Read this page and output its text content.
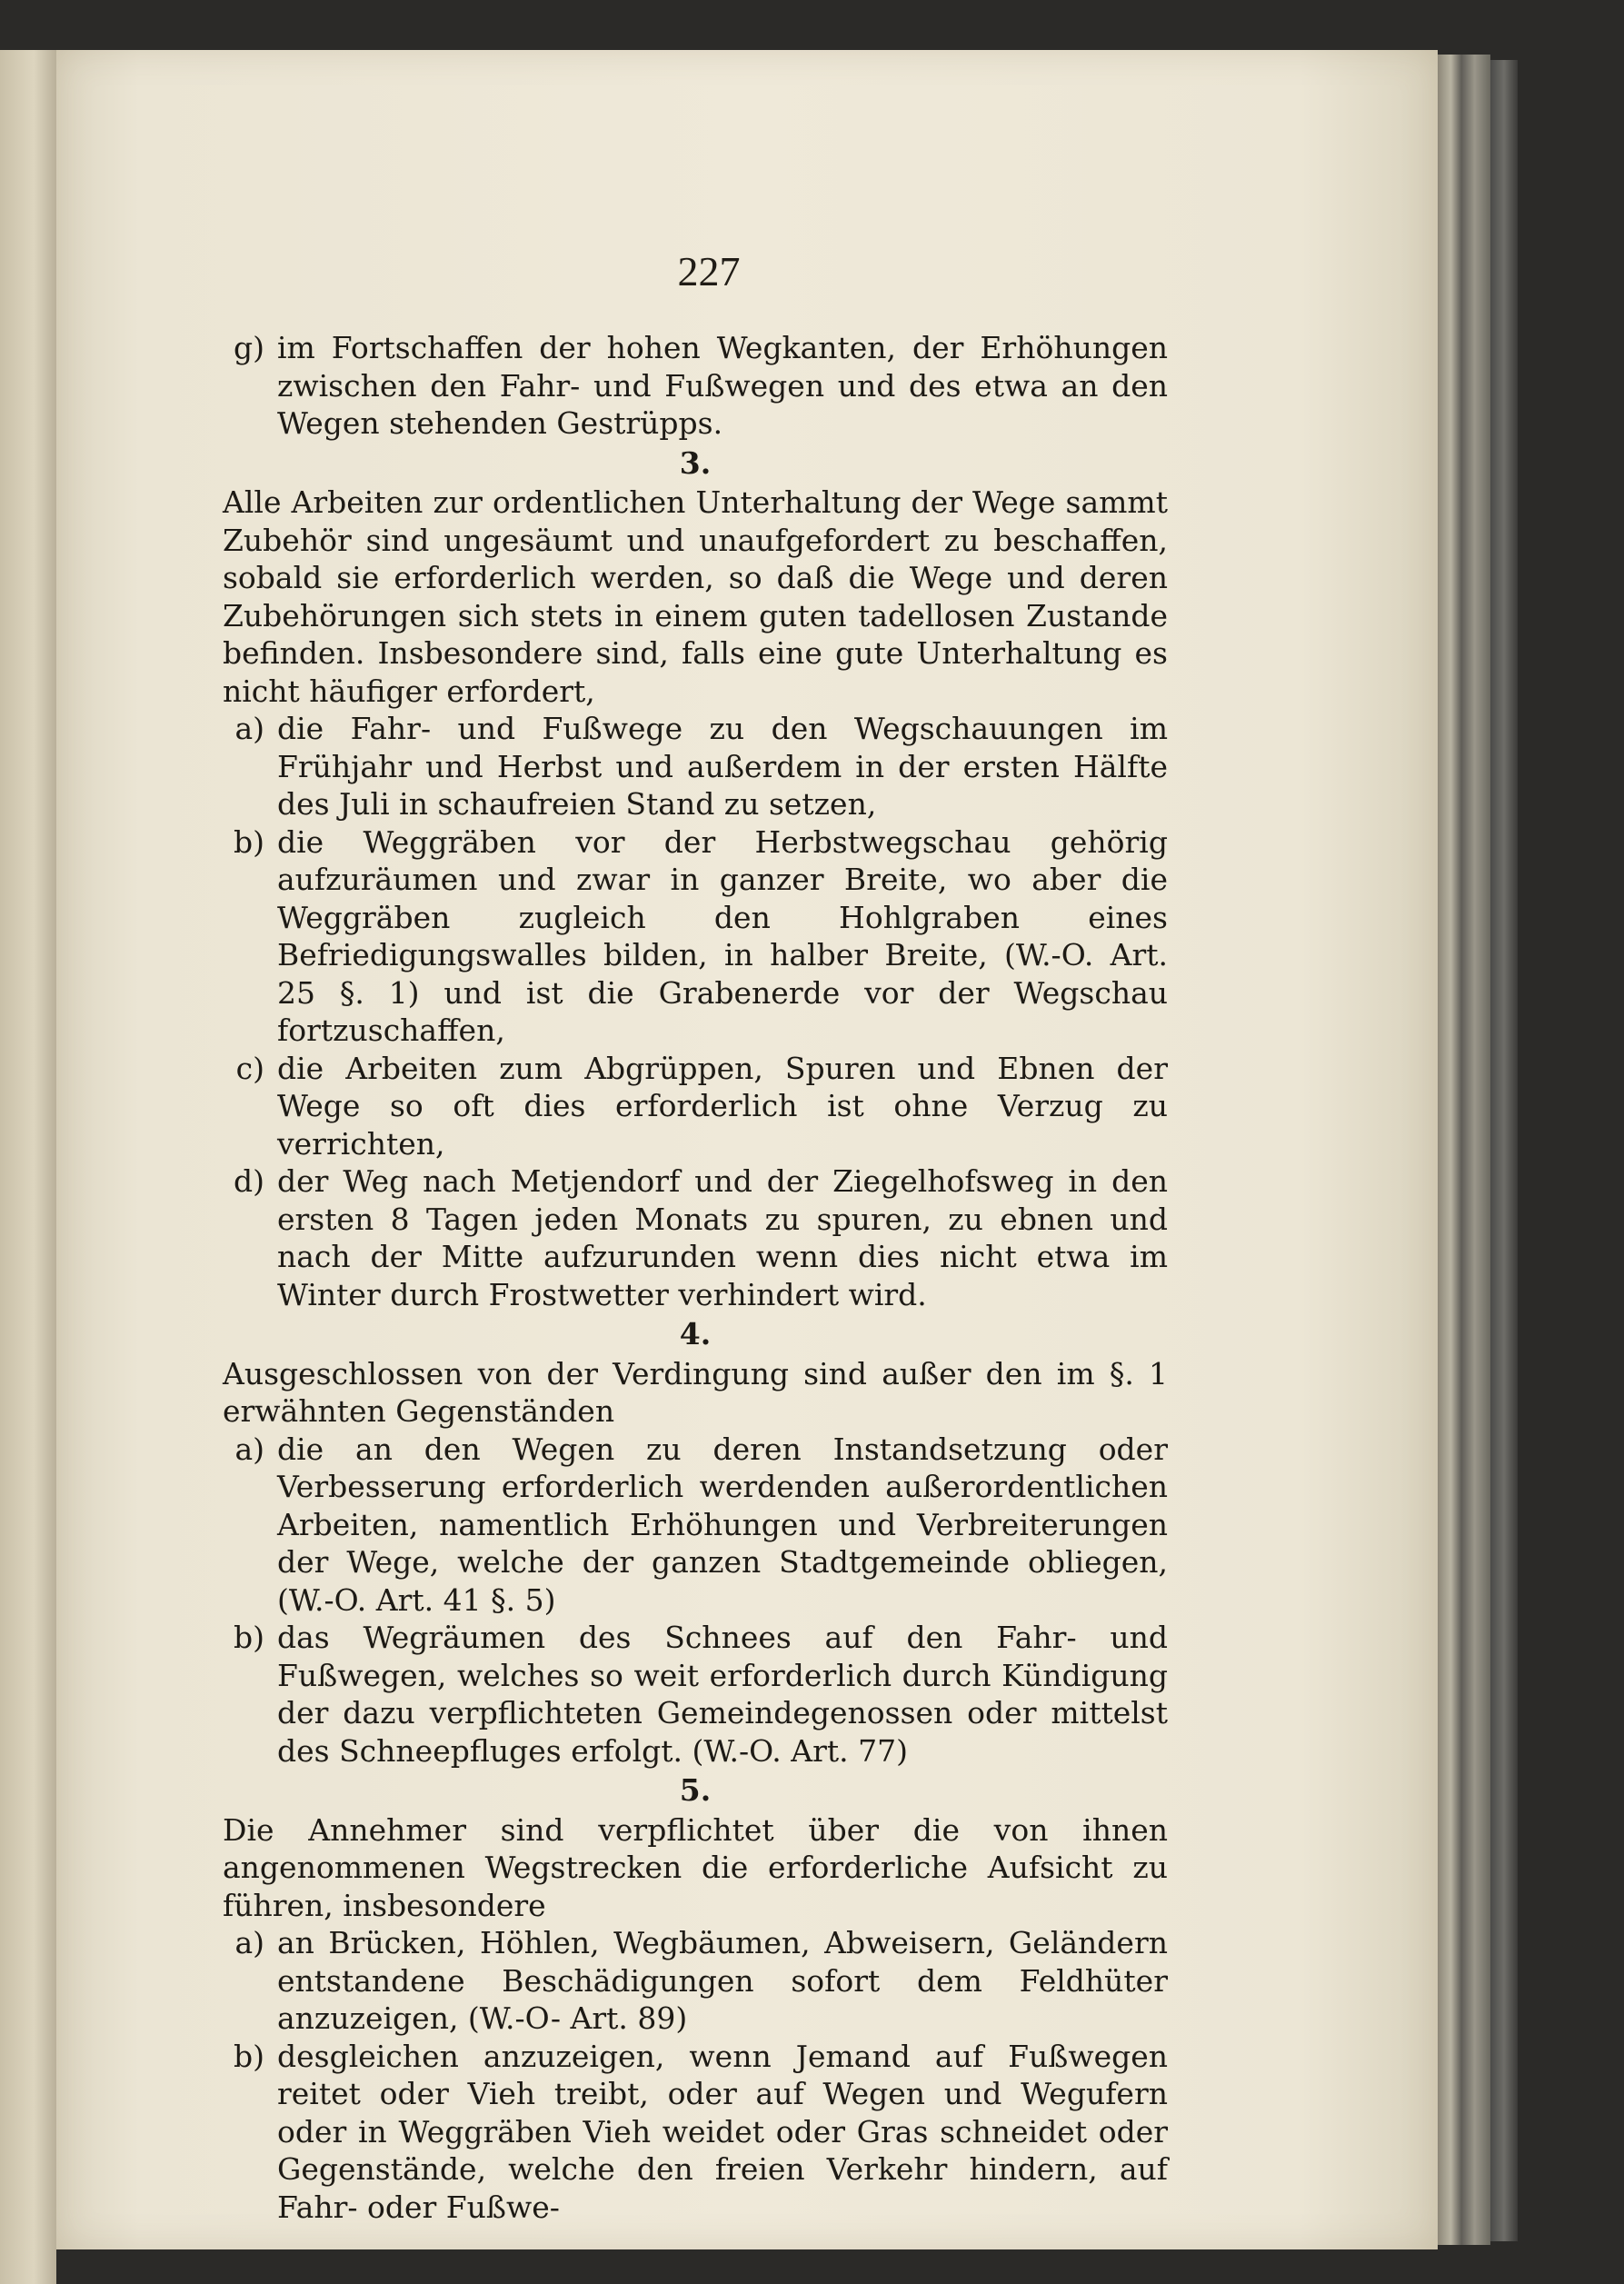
227
g) im Fortschaffen der hohen Wegkanten, der Erhöhungen zwischen den Fahr- und Fußwegen und des etwa an den Wegen stehenden Gestrüpps.
3.

Alle Arbeiten zur ordentlichen Unterhaltung der Wege sammt Zubehör sind ungesäumt und unaufgefordert zu beschaffen, sobald sie erforderlich werden, so daß die Wege und deren Zubehörungen sich stets in einem guten tadellosen Zustande befinden. Insbesondere sind, falls eine gute Unterhaltung es nicht häufiger erfordert,

a) die Fahr- und Fußwege zu den Wegschauungen im Frühjahr und Herbst und außerdem in der ersten Hälfte des Juli in schaufreien Stand zu setzen,
b) die Weggräben vor der Herbstwegschau gehörig aufzuräumen und zwar in ganzer Breite, wo aber die Weggräben zugleich den Hohlgraben eines Befriedigungswalles bilden, in halber Breite, (W.-O. Art. 25 §. 1) und ist die Grabenerde vor der Wegschau fortzuschaffen,
c) die Arbeiten zum Abgrüppen, Spuren und Ebnen der Wege so oft dies erforderlich ist ohne Verzug zu verrichten,
d) der Weg nach Metjendorf und der Ziegelhofsweg in den ersten 8 Tagen jeden Monats zu spuren, zu ebnen und nach der Mitte aufzurunden wenn dies nicht etwa im Winter durch Frostwetter verhindert wird.
4.

Ausgeschlossen von der Verdingung sind außer den im §. 1 erwähnten Gegenständen

a) die an den Wegen zu deren Instandsetzung oder Verbesserung erforderlich werdenden außerordentlichen Arbeiten, namentlich Erhöhungen und Verbreiterungen der Wege, welche der ganzen Stadtgemeinde obliegen, (W.-O. Art. 41 §. 5)
b) das Wegräumen des Schnees auf den Fahr- und Fußwegen, welches so weit erforderlich durch Kündigung der dazu verpflichteten Gemeindegenossen oder mittelst des Schneepfluges erfolgt. (W.-O. Art. 77)
5.

Die Annehmer sind verpflichtet über die von ihnen angenommenen Wegstrecken die erforderliche Aufsicht zu führen, insbesondere

a) an Brücken, Höhlen, Wegbäumen, Abweisern, Geländern entstandene Beschädigungen sofort dem Feldhüter anzuzeigen, (W.-O- Art. 89)
b) desgleichen anzuzeigen, wenn Jemand auf Fußwegen reitet oder Vieh treibt, oder auf Wegen und Wegufern oder in Weggräben Vieh weidet oder Gras schneidet oder Gegenstände, welche den freien Verkehr hindern, auf Fahr- oder Fußwe-
